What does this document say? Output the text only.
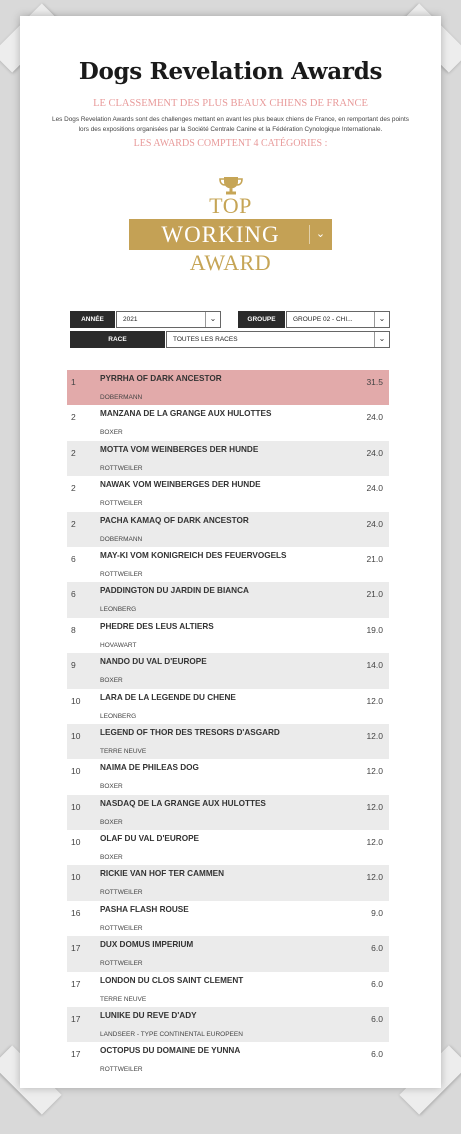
Dogs Revelation Awards
LE CLASSEMENT DES PLUS BEAUX CHIENS DE FRANCE
Les Dogs Revelation Awards sont des challenges mettant en avant les plus beaux chiens de France, en remportant des points lors des expositions organisées par la Société Centrale Canine et la Fédération Cynologique Internationale.
LES AWARDS COMPTENT 4 CATÉGORIES :
TOP
WORKING	⌄
AWARD
ANNÉE	2021	⌄	GROUPE	GROUPE 02 - CHI...	⌄
RACE	TOUTES LES RACES	⌄
1	PYRRHA OF DARK ANCESTOR
DOBERMANN
31.5
2	MANZANA DE LA GRANGE AUX HULOTTES
BOXER
24.0
2	MOTTA VOM WEINBERGES DER HUNDE
ROTTWEILER
24.0
2	NAWAK VOM WEINBERGES DER HUNDE
ROTTWEILER
24.0
2	PACHA KAMAQ OF DARK ANCESTOR
DOBERMANN
24.0
6	MAY-KI VOM KONIGREICH DES FEUERVOGELS
ROTTWEILER
21.0
6	PADDINGTON DU JARDIN DE BIANCA
LEONBERG
21.0
8	PHEDRE DES LEUS ALTIERS
HOVAWART
19.0
9	NANDO DU VAL D'EUROPE
BOXER
14.0
10 LARA DE LA LEGENDE DU CHENE
LEONBERG
12.0
10 LEGEND OF THOR DES TRESORS D'ASGARD
TERRE NEUVE
12.0
10 NAIMA DE PHILEAS DOG
BOXER
12.0
10 NASDAQ DE LA GRANGE AUX HULOTTES
BOXER
12.0
10 OLAF DU VAL D'EUROPE
BOXER
12.0
10 RICKIE VAN HOF TER CAMMEN
ROTTWEILER
12.0
16 PASHA FLASH ROUSE
ROTTWEILER
9.0
17 DUX DOMUS IMPERIUM
ROTTWEILER
6.0
17 LONDON DU CLOS SAINT CLEMENT
TERRE NEUVE
6.0
17 LUNIKE DU REVE D'ADY
LANDSEER - TYPE CONTINENTAL EUROPEEN
6.0
17 OCTOPUS DU DOMAINE DE YUNNA
ROTTWEILER
6.0
